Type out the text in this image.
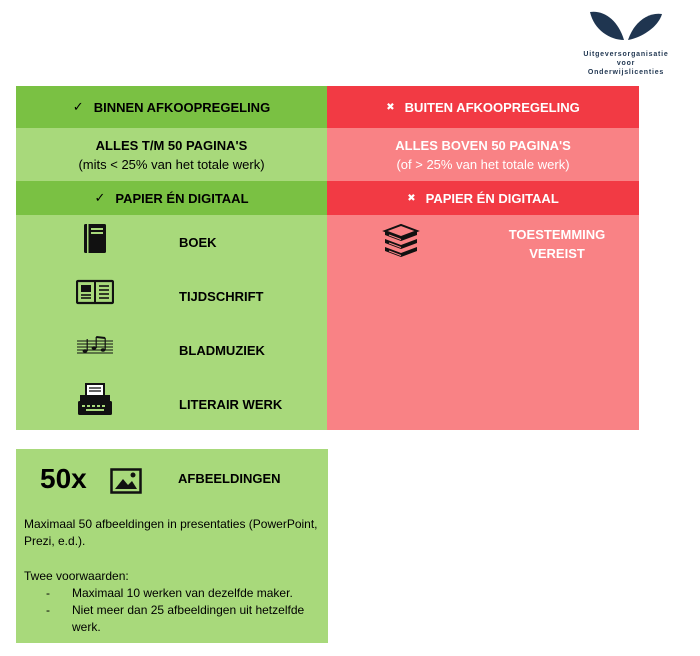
Uitgeversorganisatie
voor
Onderwijslicenties
✓ BINNEN AFKOOPREGELING
ALLES T/M 50 PAGINA'S
(mits < 25% van het totale werk)
✓ PAPIER ÉN DIGITAAL
BOEK
TIJDSCHRIFT
BLADMUZIEK
LITERAIR WERK
✖ BUITEN AFKOOPREGELING
ALLES BOVEN 50 PAGINA'S
(of > 25% van het totale werk)
✖ PAPIER ÉN DIGITAAL
TOESTEMMING VEREIST
50x	AFBEELDINGEN
Maximaal 50 afbeeldingen in presentaties (PowerPoint, Prezi, e.d.).
Twee voorwaarden:
- Maximaal 10 werken van dezelfde maker.
- Niet meer dan 25 afbeeldingen uit hetzelfde werk.
